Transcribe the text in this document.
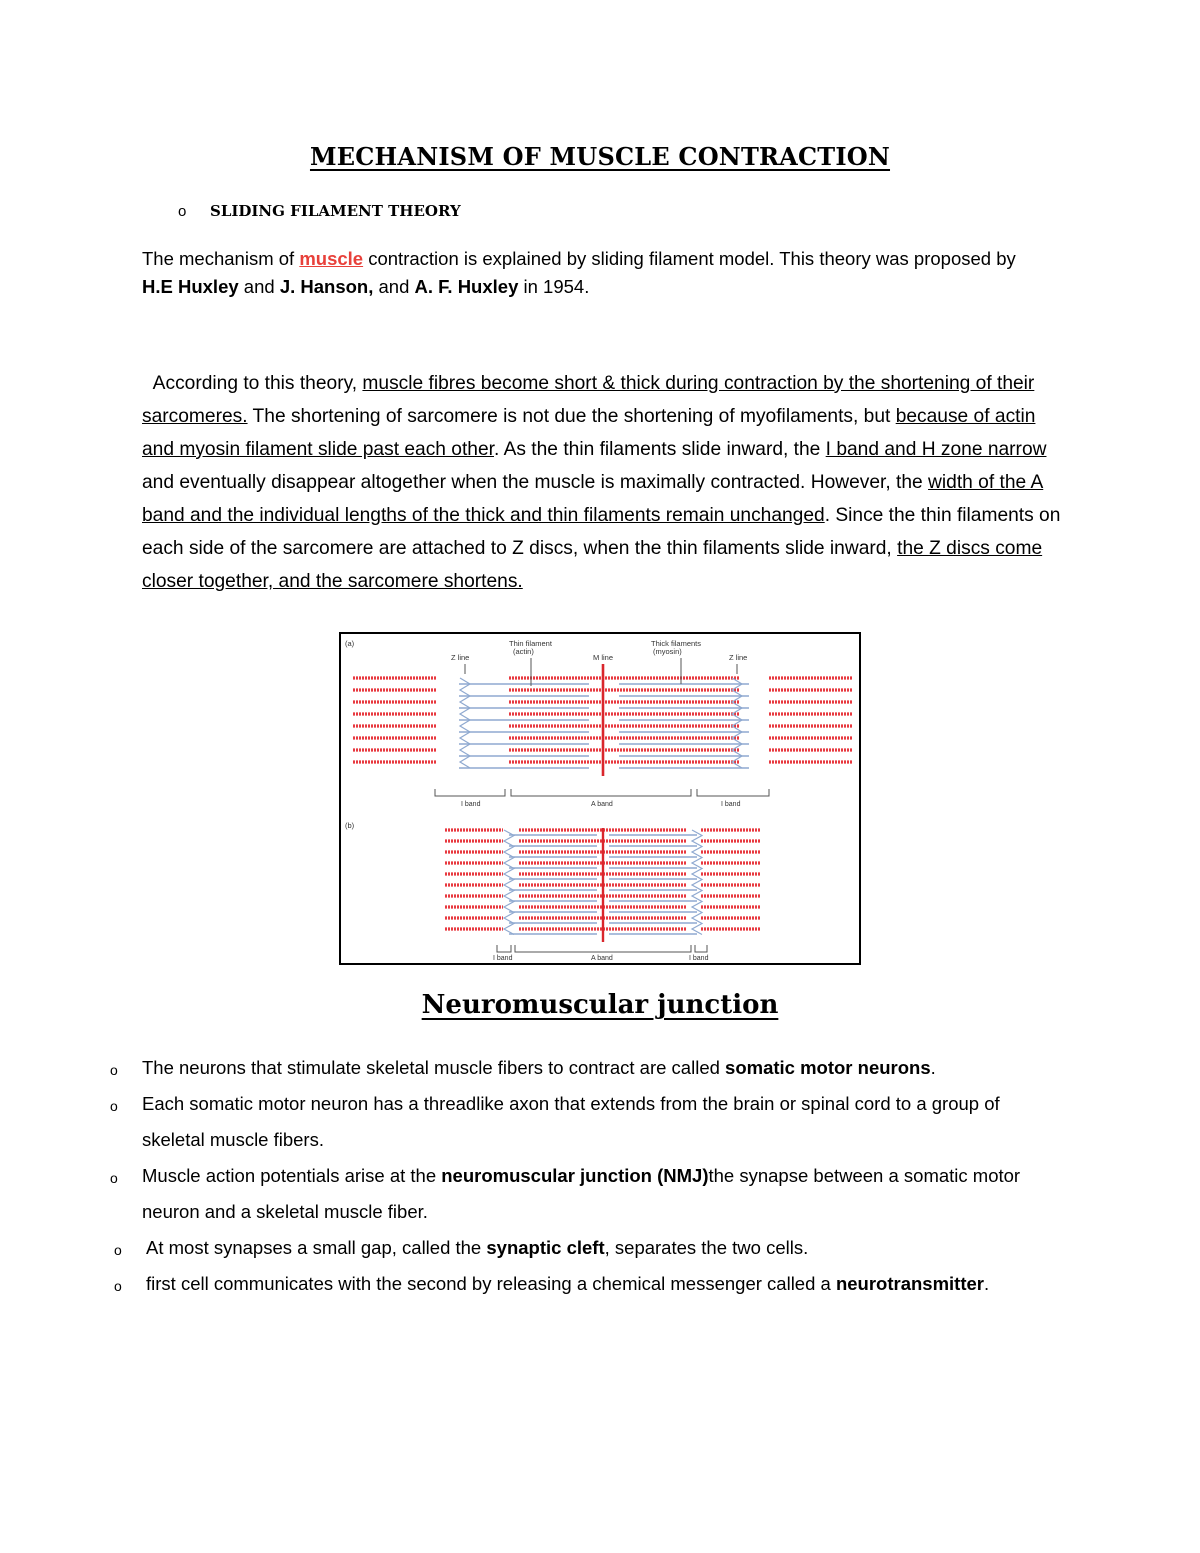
MECHANISM OF MUSCLE CONTRACTION
o SLIDING FILAMENT THEORY
The mechanism of muscle contraction is explained by sliding filament model. This theory was proposed by H.E Huxley and J. Hanson, and A. F. Huxley in 1954.
According to this theory, muscle fibres become short & thick during contraction by the shortening of their sarcomeres. The shortening of sarcomere is not due the shortening of myofilaments, but because of actin and myosin filament slide past each other. As the thin filaments slide inward, the I band and H zone narrow and eventually disappear altogether when the muscle is maximally contracted. However, the width of the A band and the individual lengths of the thick and thin filaments remain unchanged. Since the thin filaments on each side of the sarcomere are attached to Z discs, when the thin filaments slide inward, the Z discs come closer together, and the sarcomere shortens.
(a)
Z line
Thin filament
(actin)
M line
Thick filaments
(myosin)
Z line
(b)
I band	A band	I band
I band	A band	I band
Neuromuscular junction
o The neurons that stimulate skeletal muscle fibers to contract are called somatic motor neurons.
o Each somatic motor neuron has a threadlike axon that extends from the brain or spinal cord to a group of skeletal muscle fibers.
o Muscle action potentials arise at the neuromuscular junction (NMJ)the synapse between a somatic motor neuron and a skeletal muscle fiber.
o At most synapses a small gap, called the synaptic cleft, separates the two cells.
o first cell communicates with the second by releasing a chemical messenger called a neurotransmitter.
